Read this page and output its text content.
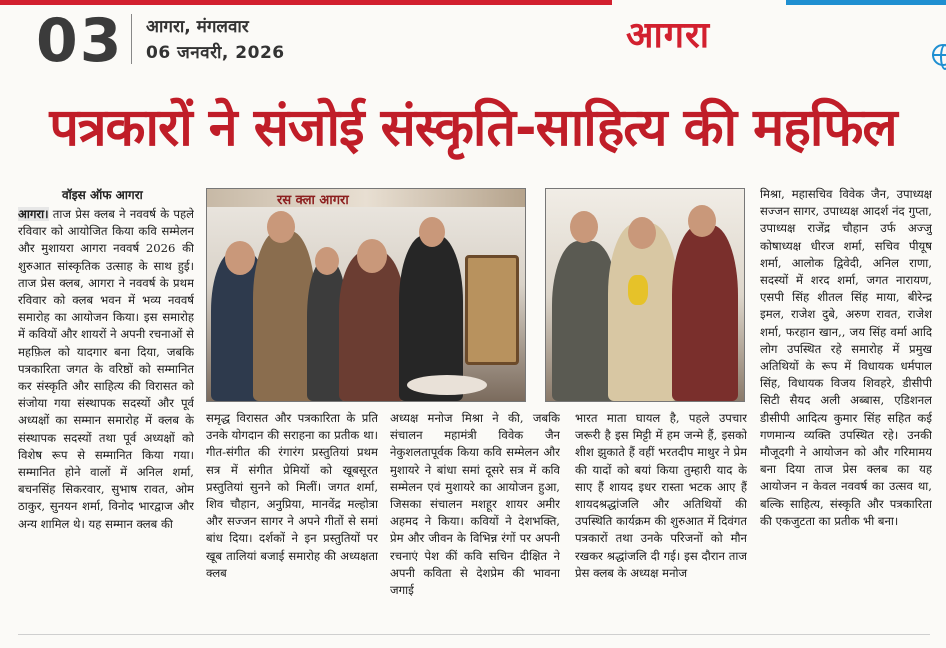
03 आगरा, मंगलवार
06 जनवरी, 2026	आगरा
पत्रकारों ने संजोई संस्कृति-साहित्य की महफिल
वॉइस ऑफ आगरा

आगरा। ताज प्रेस क्लब ने नववर्ष के पहले रविवार को आयोजित किया कवि सम्मेलन और मुशायरा आगरा नववर्ष 2026 की शुरुआत सांस्कृतिक उत्साह के साथ हुई। ताज प्रेस क्लब, आगरा ने नववर्ष के प्रथम रविवार को क्लब भवन में भव्य नववर्ष समारोह का आयोजन किया। इस समारोह में कवियों और शायरों ने अपनी रचनाओं से महफ़िल को यादगार बना दिया, जबकि पत्रकारिता जगत के वरिष्ठों को सम्मानित कर संस्कृति और साहित्य की विरासत को संजोया गया संस्थापक सदस्यों और पूर्व अध्यक्षों का सम्मान समारोह में क्लब के संस्थापक सदस्यों तथा पूर्व अध्यक्षों को विशेष रूप से सम्मानित किया गया। सम्मानित होने वालों में अनिल शर्मा, बचनसिंह सिकरवार, सुभाष रावत, ओम ठाकुर, सुनयन शर्मा, विनोद भारद्वाज और अन्य शामिल थे। यह सम्मान क्लब की

रस क्ला आगरा

समृद्ध विरासत और पत्रकारिता के प्रति उनके योगदान की सराहना का प्रतीक था। गीत-संगीत की रंगारंग प्रस्तुतियां प्रथम सत्र में संगीत प्रेमियों को खूबसूरत प्रस्तुतियां सुनने को मिलीं। जगत शर्मा, शिव चौहान, अनुप्रिया, मानवेंद्र मल्होत्रा और सज्जन सागर ने अपने गीतों से समां बांध दिया। दर्शकों ने इन प्रस्तुतियों पर खूब तालियां बजाई समारोह की अध्यक्षता क्लब

अध्यक्ष मनोज मिश्रा ने की, जबकि संचालन महामंत्री विवेक जैन नेकुशलतापूर्वक किया कवि सम्मेलन और मुशायरे ने बांधा समां दूसरे सत्र में कवि सम्मेलन एवं मुशायरे का आयोजन हुआ, जिसका संचालन मशहूर शायर अमीर अहमद ने किया। कवियों ने देशभक्ति, प्रेम और जीवन के विभिन्न रंगों पर अपनी रचनाएं पेश कीं कवि सचिन दीक्षित ने अपनी कविता से देशप्रेम की भावना जगाई

भारत माता घायल है, पहले उपचार जरूरी है इस मिट्टी में हम जन्मे हैं, इसको शीश झुकाते हैं वहीं भरतदीप माथुर ने प्रेम की यादों को बयां किया तुम्हारी याद के साए हैं शायद इधर रास्ता भटक आए हैं शायदश्रद्धांजलि और अतिथियों की उपस्थिति कार्यक्रम की शुरुआत में दिवंगत पत्रकारों तथा उनके परिजनों को मौन रखकर श्रद्धांजलि दी गई। इस दौरान ताज प्रेस क्लब के अध्यक्ष मनोज

मिश्रा, महासचिव विवेक जैन, उपाध्यक्ष सज्जन सागर, उपाध्यक्ष आदर्श नंद गुप्ता, उपाध्यक्ष राजेंद्र चौहान उर्फ अज्जु कोषाध्यक्ष धीरज शर्मा, सचिव पीयूष शर्मा, आलोक द्विवेदी, अनिल राणा, सदस्यों में शरद शर्मा, जगत नारायण, एसपी सिंह शीतल सिंह माया, बीरेन्द्र इमल, राजेश दुबे, अरुण रावत, राजेश शर्मा, फरहान खान,, जय सिंह वर्मा आदि लोग उपस्थित रहे समारोह में प्रमुख अतिथियों के रूप में विधायक धर्मपाल सिंह, विधायक विजय शिवहरे, डीसीपी सिटी सैयद अली अब्बास, एडिशनल डीसीपी आदित्य कुमार सिंह सहित कई गणमान्य व्यक्ति उपस्थित रहे। उनकी मौजूदगी ने आयोजन को और गरिमामय बना दिया ताज प्रेस क्लब का यह आयोजन न केवल नववर्ष का उत्सव था, बल्कि साहित्य, संस्कृति और पत्रकारिता की एकजुटता का प्रतीक भी बना।
